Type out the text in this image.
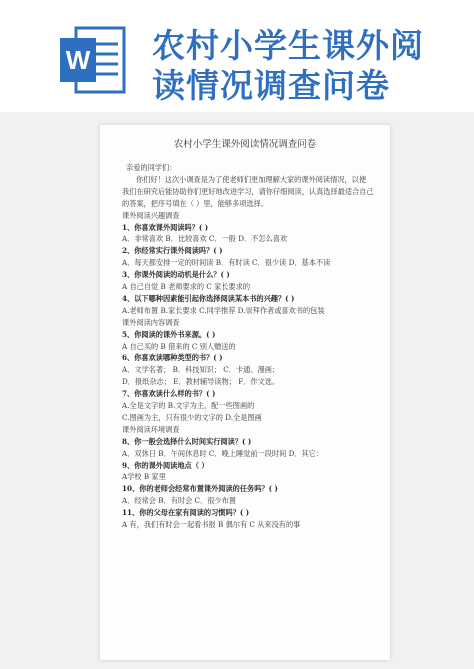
W 农村小学生课外阅
读情况调查问卷
农村小学生课外阅读情况调查问卷
亲爱的同学们：
你们好！这次小调查是为了使老师们更加理解大家的课外阅读情况，以便
我们在研究后能协助你们更好地改进学习，请你仔细阅读，认真选择最适合自己
的答案，把序号填在（ ）里，能够多项选择。
课外阅读兴趣调查
1、你喜欢课外阅读吗？( )
A．非常喜欢 B．比较喜欢 C．一般 D．不怎么喜欢
2、你经常实行课外阅读吗？( )
A．每天都安排一定的时间读 B．有时读 C．很少读 D．基本不读
3、你课外阅读的动机是什么？( )
A 自己自觉 B 老师要求的 C 家长要求的
4、以下哪种因素能引起你选择阅读某本书的兴趣？( )
A.老师布置 B.家长要求 C.同学推荐 D.崇拜作者或喜欢书的包装
课外阅读内容调查
5、你阅读的课外书来源。( )
A 自己买的 B 借来的 C 别人赠送的
6、你喜欢读哪种类型的书？( )
A．文学名著； B．科技知识； C．卡通、漫画；
D．报纸杂志； E．教材辅导读物； F．作文选。
7、你喜欢读什么样的书？( )
A.全是文字的 B.文字为主，配一些图画的
C.图画为主，只有很少的文字的 D.全是图画
课外阅读环境调查
8、你一般会选择什么时间实行阅读？( )
A．双休日 B．午间休息时 C．晚上睡觉前一段时间 D．其它：
9、你的课外阅读地点（ ）
A学校 B 家里
10、你的老师会经常布置课外阅读的任务吗？( )
A．经常会 B．有时会 C．很少布置
11、你的父母在家有阅读的习惯吗？( )
A 有，我们有时会一起看书报 B 偶尔有 C 从来没有的事
